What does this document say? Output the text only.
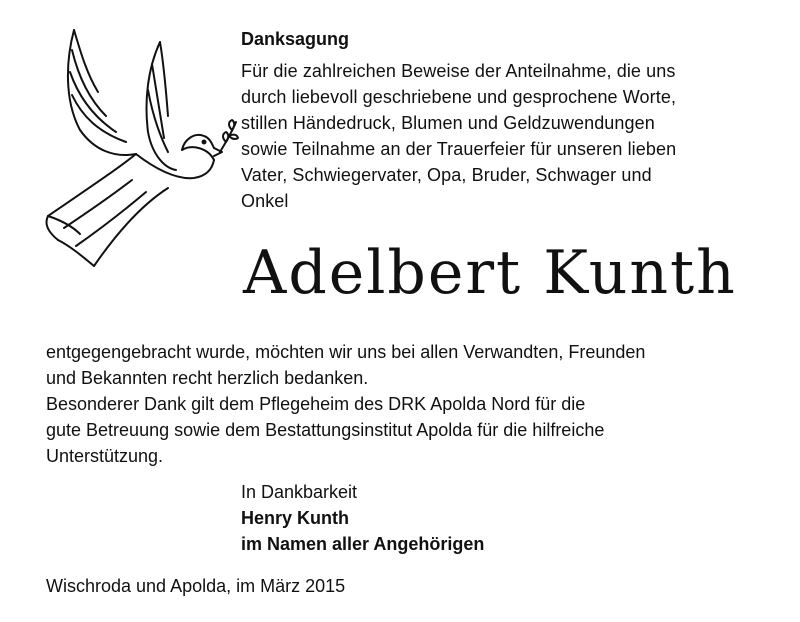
Danksagung

Für die zahlreichen Beweise der Anteilnahme, die uns
durch liebevoll geschriebene und gesprochene Worte,
stillen Händedruck, Blumen und Geldzuwendungen
sowie Teilnahme an der Trauerfeier für unseren lieben
Vater, Schwiegervater, Opa, Bruder, Schwager und
Onkel

Adelbert Kunth
entgegengebracht wurde, möchten wir uns bei allen Verwandten, Freunden
und Bekannten recht herzlich bedanken.
Besonderer Dank gilt dem Pflegeheim des DRK Apolda Nord für die
gute Betreuung sowie dem Bestattungsinstitut Apolda für die hilfreiche
Unterstützung.
In Dankbarkeit
Henry Kunth
im Namen aller Angehörigen
Wischroda und Apolda, im März 2015
